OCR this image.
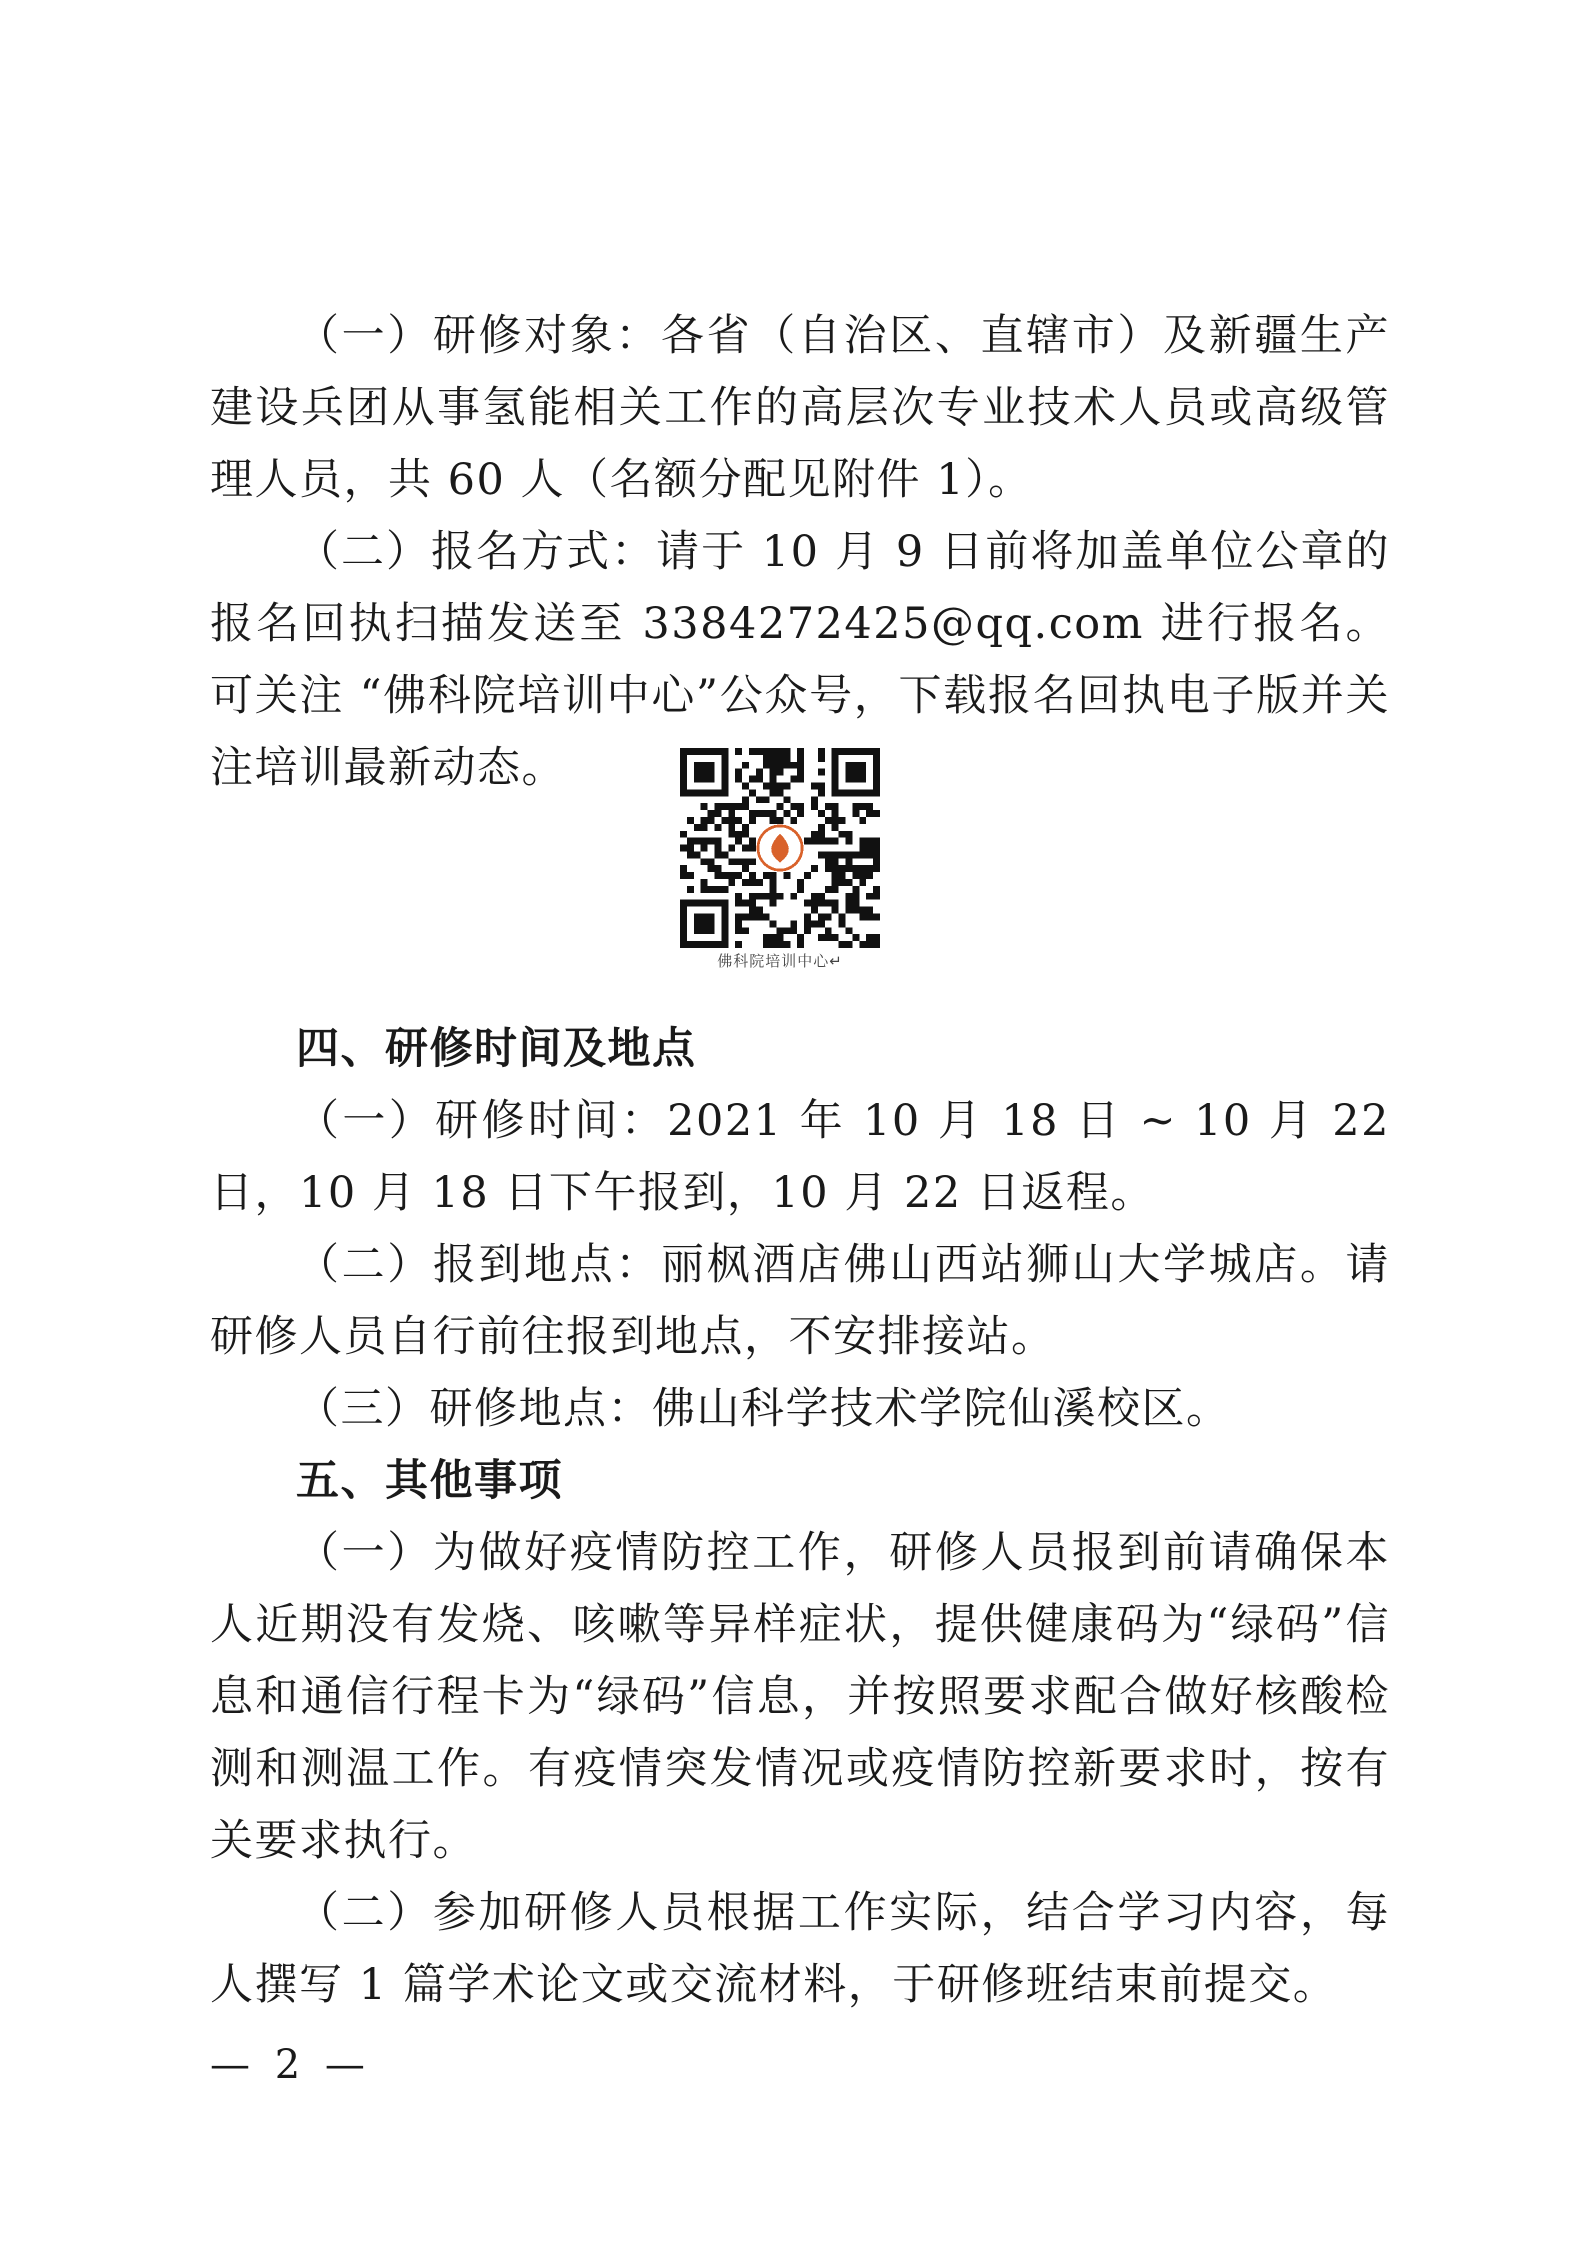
（一）研修对象：各省（自治区、直辖市）及新疆生产建设兵团从事氢能相关工作的高层次专业技术人员或高级管理人员，共 60 人（名额分配见附件 1）。

（二）报名方式：请于 10 月 9 日前将加盖单位公章的报名回执扫描发送至 3384272425@qq.com 进行报名。可关注 “佛科院培训中心”公众号，下载报名回执电子版并关注培训最新动态。

佛科院培训中心↵

四、研修时间及地点

（一）研修时间：2021 年 10 月 18 日 ~ 10 月 22 日，10 月 18 日下午报到，10 月 22 日返程。

（二）报到地点：丽枫酒店佛山西站狮山大学城店。请研修人员自行前往报到地点，不安排接站。

（三）研修地点：佛山科学技术学院仙溪校区。

五、其他事项

（一）为做好疫情防控工作，研修人员报到前请确保本人近期没有发烧、咳嗽等异样症状，提供健康码为“绿码”信息和通信行程卡为“绿码”信息，并按照要求配合做好核酸检测和测温工作。有疫情突发情况或疫情防控新要求时，按有关要求执行。

（二）参加研修人员根据工作实际，结合学习内容，每人撰写 1 篇学术论文或交流材料，于研修班结束前提交。

— 2 —
